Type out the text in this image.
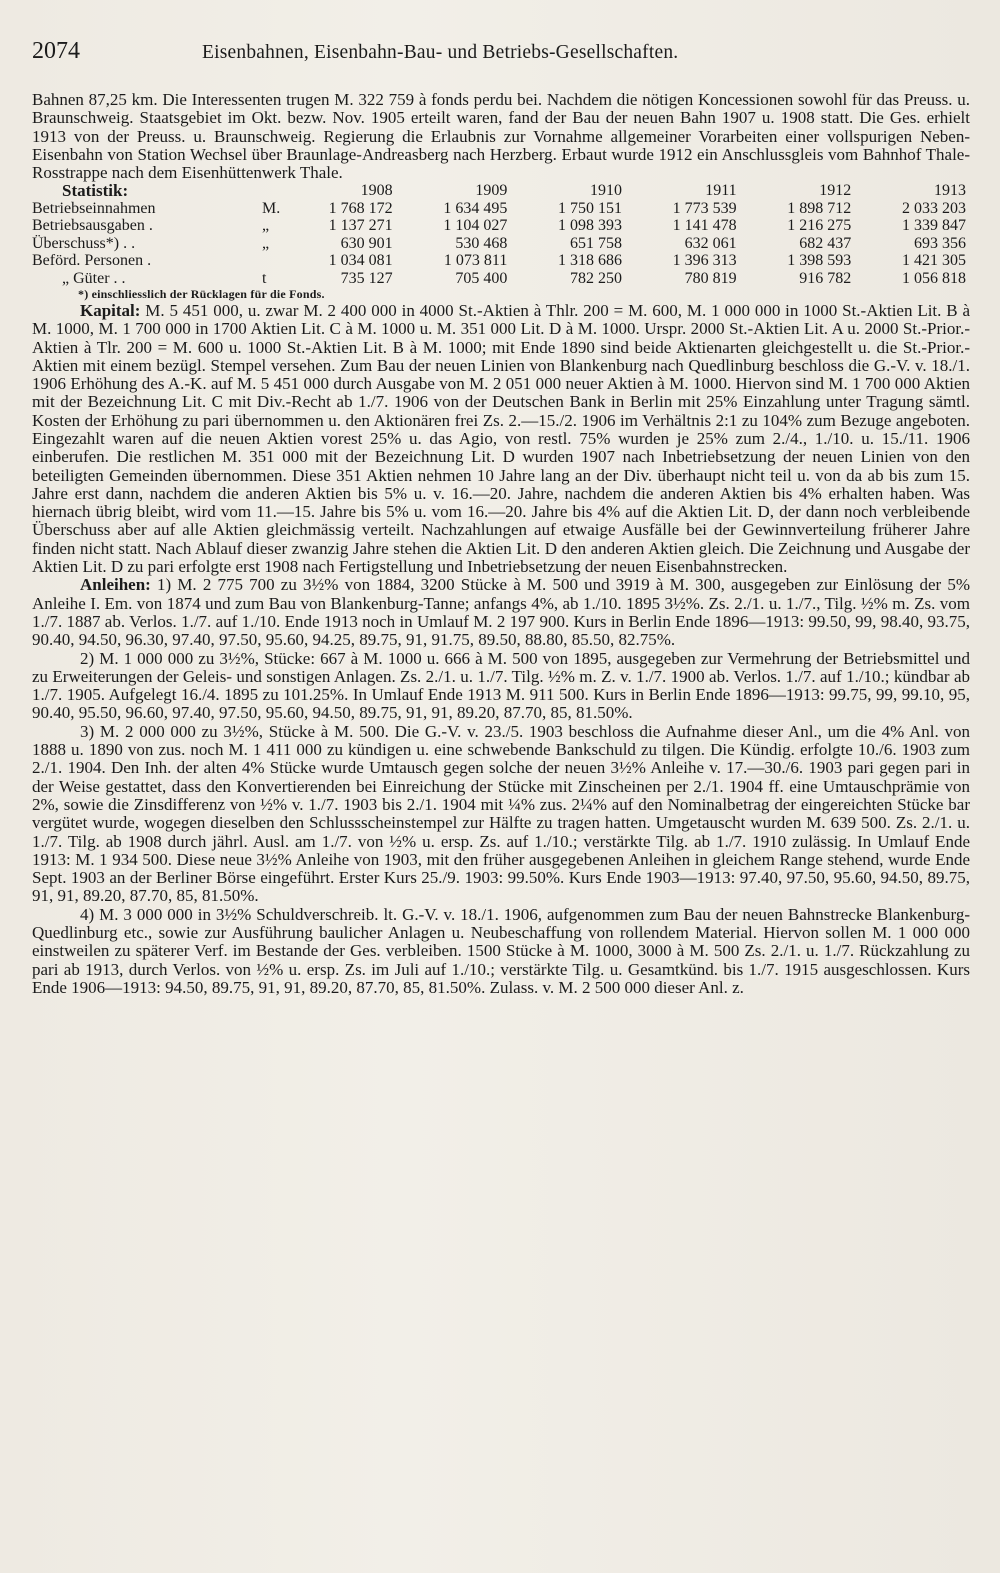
2074	Eisenbahnen, Eisenbahn-Bau- und Betriebs-Gesellschaften.

Bahnen 87,25 km. Die Interessenten trugen M. 322 759 à fonds perdu bei. Nachdem die nötigen Koncessionen sowohl für das Preuss. u. Braunschweig. Staatsgebiet im Okt. bezw. Nov. 1905 erteilt waren, fand der Bau der neuen Bahn 1907 u. 1908 statt. Die Ges. erhielt 1913 von der Preuss. u. Braunschweig. Regierung die Erlaubnis zur Vornahme allgemeiner Vorarbeiten einer vollspurigen Neben-Eisenbahn von Station Wechsel über Braunlage-Andreasberg nach Herzberg. Erbaut wurde 1912 ein Anschlussgleis vom Bahnhof Thale-Rosstrappe nach dem Eisenhüttenwerk Thale.

Statistik:		1908	1909	1910	1911	1912	1913
Betriebseinnahmen	M.	1 768 172	1 634 495	1 750 151	1 773 539	1 898 712	2 033 203
Betriebsausgaben .	„	1 137 271	1 104 027	1 098 393	1 141 478	1 216 275	1 339 847
Überschuss*) . .	„	630 901	530 468	651 758	632 061	682 437	693 356
Beförd. Personen .		1 034 081	1 073 811	1 318 686	1 396 313	1 398 593	1 421 305
„ Güter . .	t	735 127	705 400	782 250	780 819	916 782	1 056 818
*) einschliesslich der Rücklagen für die Fonds.

Kapital: M. 5 451 000, u. zwar M. 2 400 000 in 4000 St.-Aktien à Thlr. 200 = M. 600, M. 1 000 000 in 1000 St.-Aktien Lit. B à M. 1000, M. 1 700 000 in 1700 Aktien Lit. C à M. 1000 u. M. 351 000 Lit. D à M. 1000. Urspr. 2000 St.-Aktien Lit. A u. 2000 St.-Prior.-Aktien à Tlr. 200 = M. 600 u. 1000 St.-Aktien Lit. B à M. 1000; mit Ende 1890 sind beide Aktienarten gleichgestellt u. die St.-Prior.-Aktien mit einem bezügl. Stempel versehen. Zum Bau der neuen Linien von Blankenburg nach Quedlinburg beschloss die G.-V. v. 18./1. 1906 Erhöhung des A.-K. auf M. 5 451 000 durch Ausgabe von M. 2 051 000 neuer Aktien à M. 1000. Hiervon sind M. 1 700 000 Aktien mit der Bezeichnung Lit. C mit Div.-Recht ab 1./7. 1906 von der Deutschen Bank in Berlin mit 25% Einzahlung unter Tragung sämtl. Kosten der Erhöhung zu pari übernommen u. den Aktionären frei Zs. 2.—15./2. 1906 im Verhältnis 2:1 zu 104% zum Bezuge angeboten. Eingezahlt waren auf die neuen Aktien vorest 25% u. das Agio, von restl. 75% wurden je 25% zum 2./4., 1./10. u. 15./11. 1906 einberufen. Die restlichen M. 351 000 mit der Bezeichnung Lit. D wurden 1907 nach Inbetriebsetzung der neuen Linien von den beteiligten Gemeinden übernommen. Diese 351 Aktien nehmen 10 Jahre lang an der Div. überhaupt nicht teil u. von da ab bis zum 15. Jahre erst dann, nachdem die anderen Aktien bis 5% u. v. 16.—20. Jahre, nachdem die anderen Aktien bis 4% erhalten haben. Was hiernach übrig bleibt, wird vom 11.—15. Jahre bis 5% u. vom 16.—20. Jahre bis 4% auf die Aktien Lit. D, der dann noch verbleibende Überschuss aber auf alle Aktien gleichmässig verteilt. Nachzahlungen auf etwaige Ausfälle bei der Gewinnverteilung früherer Jahre finden nicht statt. Nach Ablauf dieser zwanzig Jahre stehen die Aktien Lit. D den anderen Aktien gleich. Die Zeichnung und Ausgabe der Aktien Lit. D zu pari erfolgte erst 1908 nach Fertigstellung und Inbetriebsetzung der neuen Eisenbahnstrecken.

Anleihen: 1) M. 2 775 700 zu 3½% von 1884, 3200 Stücke à M. 500 und 3919 à M. 300, ausgegeben zur Einlösung der 5% Anleihe I. Em. von 1874 und zum Bau von Blankenburg-Tanne; anfangs 4%, ab 1./10. 1895 3½%. Zs. 2./1. u. 1./7., Tilg. ½% m. Zs. vom 1./7. 1887 ab. Verlos. 1./7. auf 1./10. Ende 1913 noch in Umlauf M. 2 197 900. Kurs in Berlin Ende 1896—1913: 99.50, 99, 98.40, 93.75, 90.40, 94.50, 96.30, 97.40, 97.50, 95.60, 94.25, 89.75, 91, 91.75, 89.50, 88.80, 85.50, 82.75%.

2) M. 1 000 000 zu 3½%, Stücke: 667 à M. 1000 u. 666 à M. 500 von 1895, ausgegeben zur Vermehrung der Betriebsmittel und zu Erweiterungen der Geleis- und sonstigen Anlagen. Zs. 2./1. u. 1./7. Tilg. ½% m. Z. v. 1./7. 1900 ab. Verlos. 1./7. auf 1./10.; kündbar ab 1./7. 1905. Aufgelegt 16./4. 1895 zu 101.25%. In Umlauf Ende 1913 M. 911 500. Kurs in Berlin Ende 1896—1913: 99.75, 99, 99.10, 95, 90.40, 95.50, 96.60, 97.40, 97.50, 95.60, 94.50, 89.75, 91, 91, 89.20, 87.70, 85, 81.50%.

3) M. 2 000 000 zu 3½%, Stücke à M. 500. Die G.-V. v. 23./5. 1903 beschloss die Aufnahme dieser Anl., um die 4% Anl. von 1888 u. 1890 von zus. noch M. 1 411 000 zu kündigen u. eine schwebende Bankschuld zu tilgen. Die Kündig. erfolgte 10./6. 1903 zum 2./1. 1904. Den Inh. der alten 4% Stücke wurde Umtausch gegen solche der neuen 3½% Anleihe v. 17.—30./6. 1903 pari gegen pari in der Weise gestattet, dass den Konvertierenden bei Einreichung der Stücke mit Zinscheinen per 2./1. 1904 ff. eine Umtauschprämie von 2%, sowie die Zinsdifferenz von ½% v. 1./7. 1903 bis 2./1. 1904 mit ¼% zus. 2¼% auf den Nominalbetrag der eingereichten Stücke bar vergütet wurde, wogegen dieselben den Schlussscheinstempel zur Hälfte zu tragen hatten. Umgetauscht wurden M. 639 500. Zs. 2./1. u. 1./7. Tilg. ab 1908 durch jährl. Ausl. am 1./7. von ½% u. ersp. Zs. auf 1./10.; verstärkte Tilg. ab 1./7. 1910 zulässig. In Umlauf Ende 1913: M. 1 934 500. Diese neue 3½% Anleihe von 1903, mit den früher ausgegebenen Anleihen in gleichem Range stehend, wurde Ende Sept. 1903 an der Berliner Börse eingeführt. Erster Kurs 25./9. 1903: 99.50%. Kurs Ende 1903—1913: 97.40, 97.50, 95.60, 94.50, 89.75, 91, 91, 89.20, 87.70, 85, 81.50%.

4) M. 3 000 000 in 3½% Schuldverschreib. lt. G.-V. v. 18./1. 1906, aufgenommen zum Bau der neuen Bahnstrecke Blankenburg-Quedlinburg etc., sowie zur Ausführung baulicher Anlagen u. Neubeschaffung von rollendem Material. Hiervon sollen M. 1 000 000 einstweilen zu späterer Verf. im Bestande der Ges. verbleiben. 1500 Stücke à M. 1000, 3000 à M. 500 Zs. 2./1. u. 1./7. Rückzahlung zu pari ab 1913, durch Verlos. von ½% u. ersp. Zs. im Juli auf 1./10.; verstärkte Tilg. u. Gesamtkünd. bis 1./7. 1915 ausgeschlossen. Kurs Ende 1906—1913: 94.50, 89.75, 91, 91, 89.20, 87.70, 85, 81.50%. Zulass. v. M. 2 500 000 dieser Anl. z.
